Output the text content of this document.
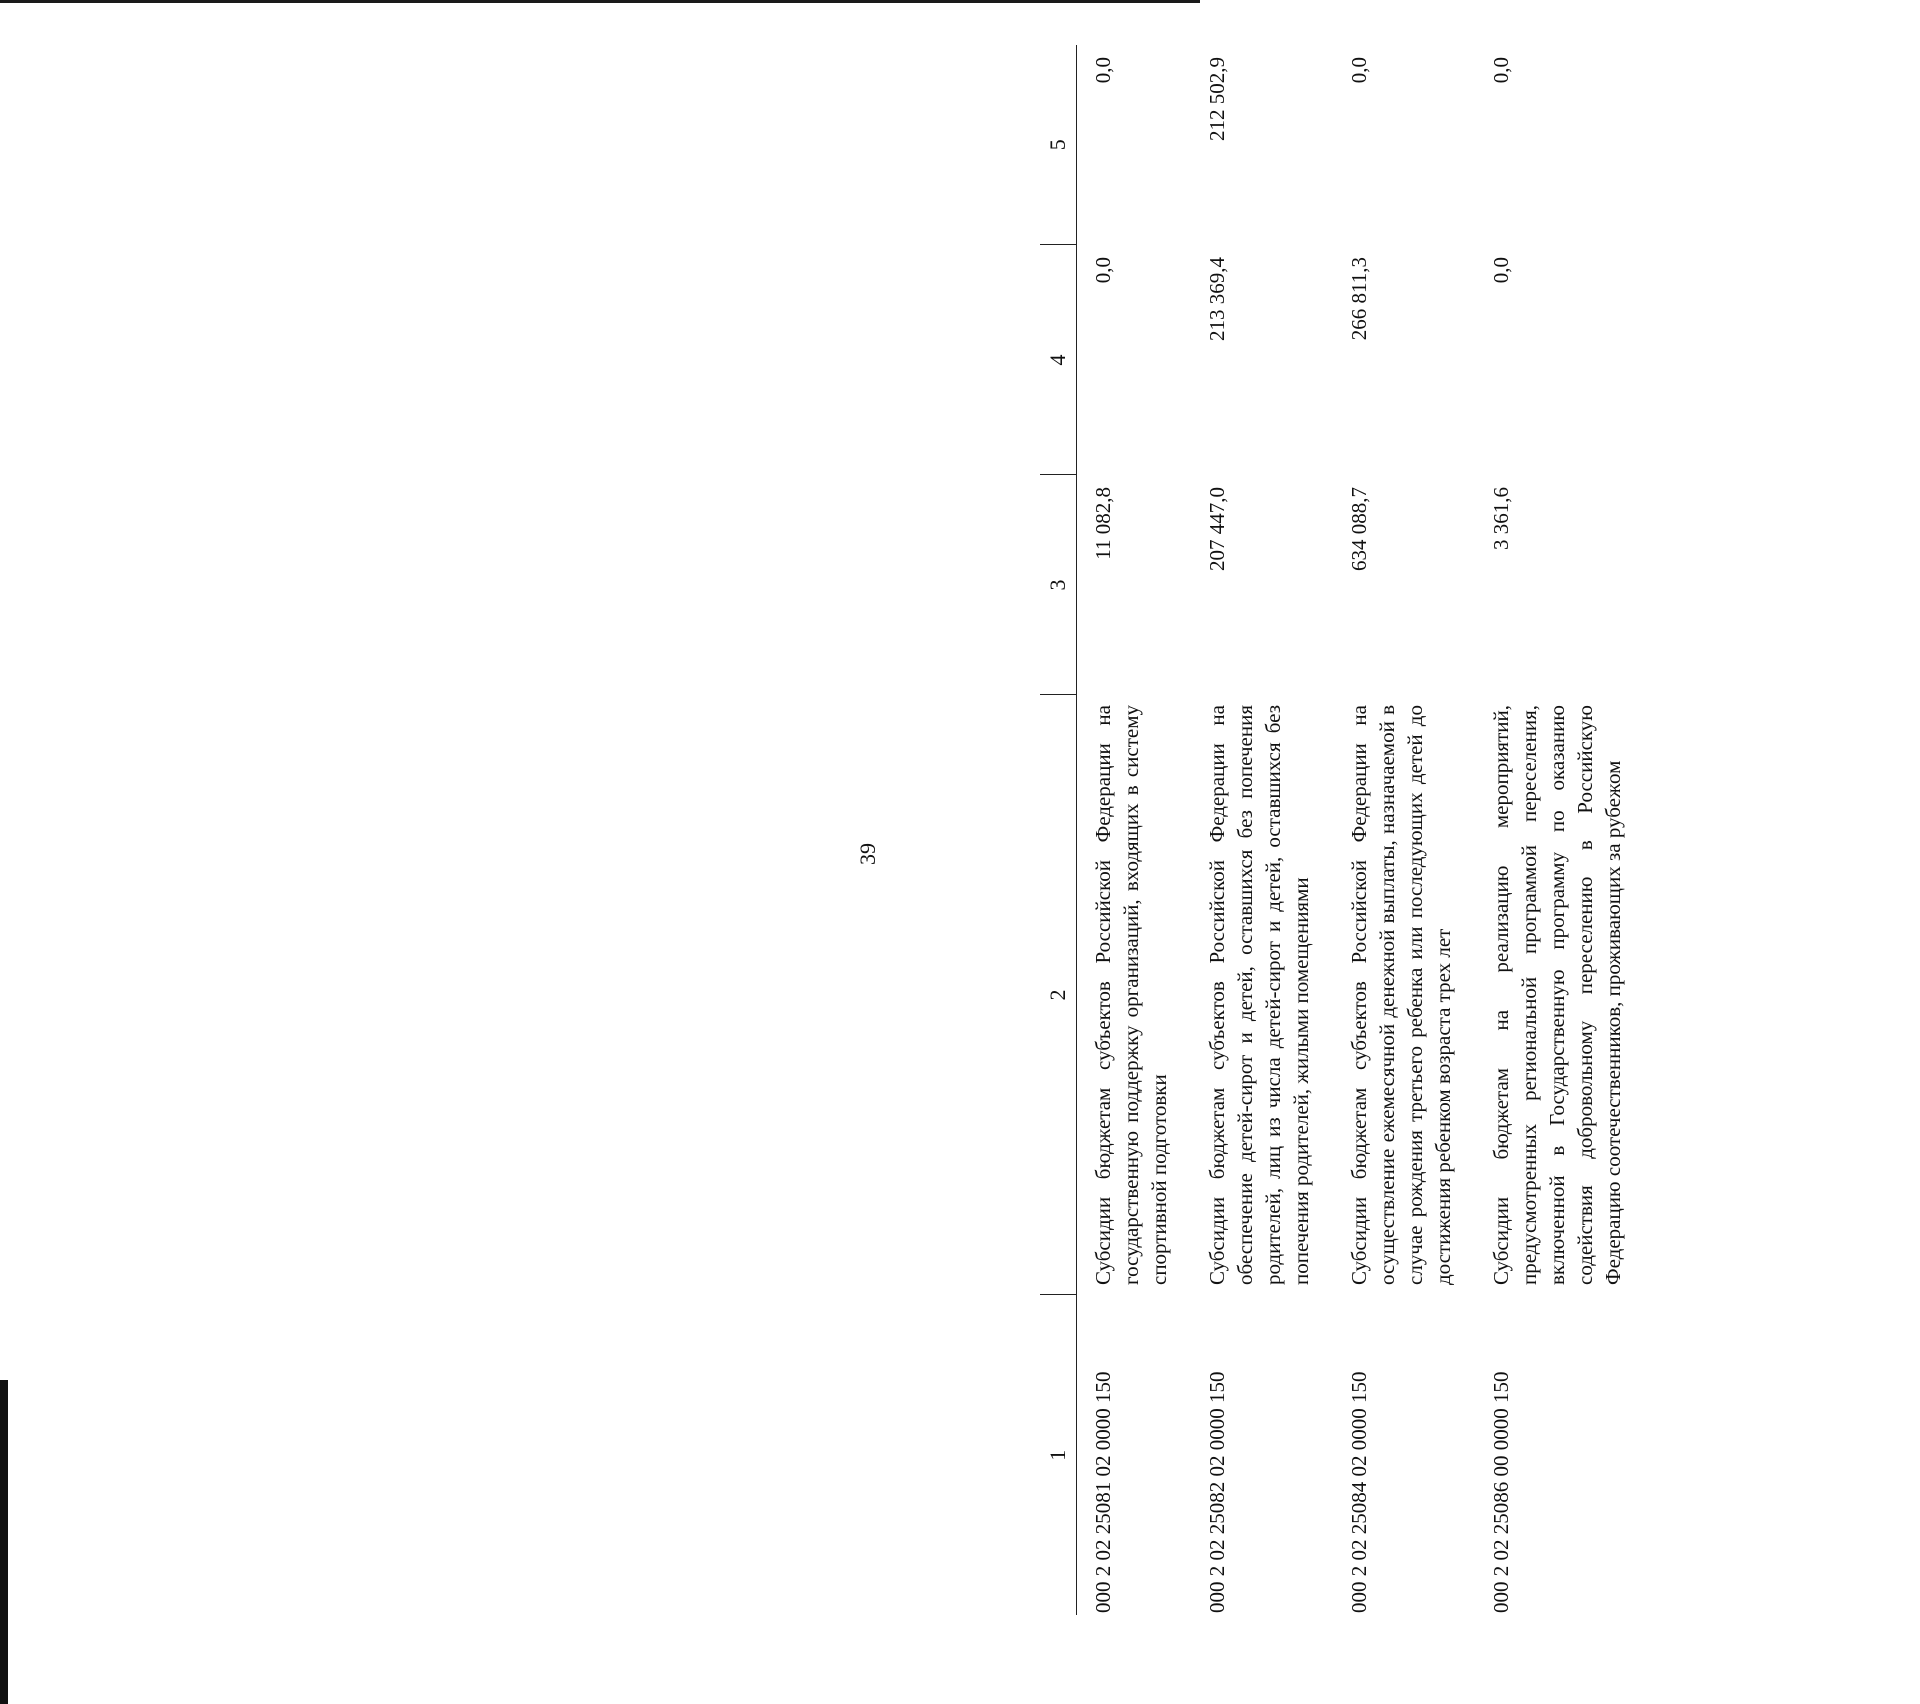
39
1	2	3	4	5
000 2 02 25081 02 0000 150	Субсидии бюджетам субъектов Российской Федерации на государственную поддержку организаций, входящих в систему спортивной подготовки	11 082,8	0,0	0,0
000 2 02 25082 02 0000 150	Субсидии бюджетам субъектов Российской Федерации на обеспечение детей-сирот и детей, оставшихся без попечения родителей, лиц из числа детей-сирот и детей, оставшихся без попечения родителей, жилыми помещениями	207 447,0	213 369,4	212 502,9
000 2 02 25084 02 0000 150	Субсидии бюджетам субъектов Российской Федерации на осуществление ежемесячной денежной выплаты, назначаемой в случае рождения третьего ребенка или последующих детей до достижения ребенком возраста трех лет	634 088,7	266 811,3	0,0
000 2 02 25086 00 0000 150	Субсидии бюджетам на реализацию мероприятий, предусмотренных региональной программой переселения, включенной в Государственную программу по оказанию содействия добровольному переселению в Российскую Федерацию соотечественников, проживающих за рубежом	3 361,6	0,0	0,0
